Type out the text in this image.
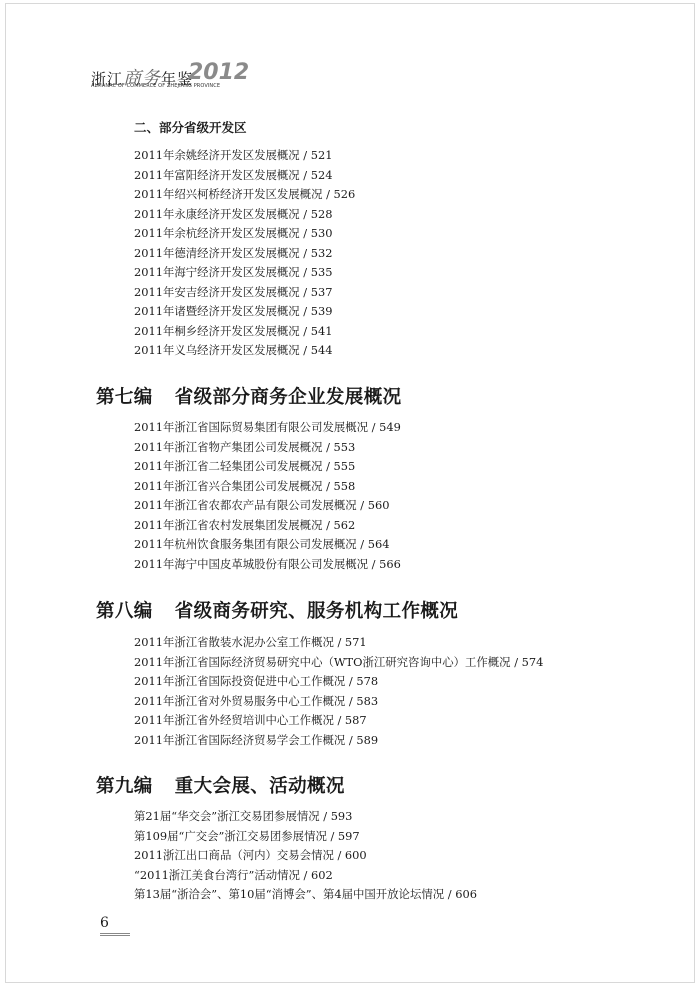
浙江商务年鉴
2012
ALMANAC OF COMMERCE OF ZHEJIANG PROVINCE
二、部分省级开发区
2011年余姚经济开发区发展概况 / 521
2011年富阳经济开发区发展概况 / 524
2011年绍兴柯桥经济开发区发展概况 / 526
2011年永康经济开发区发展概况 / 528
2011年余杭经济开发区发展概况 / 530
2011年德清经济开发区发展概况 / 532
2011年海宁经济开发区发展概况 / 535
2011年安吉经济开发区发展概况 / 537
2011年诸暨经济开发区发展概况 / 539
2011年桐乡经济开发区发展概况 / 541
2011年义乌经济开发区发展概况 / 544
第七编 省级部分商务企业发展概况
2011年浙江省国际贸易集团有限公司发展概况 / 549
2011年浙江省物产集团公司发展概况 / 553
2011年浙江省二轻集团公司发展概况 / 555
2011年浙江省兴合集团公司发展概况 / 558
2011年浙江省农都农产品有限公司发展概况 / 560
2011年浙江省农村发展集团发展概况 / 562
2011年杭州饮食服务集团有限公司发展概况 / 564
2011年海宁中国皮革城股份有限公司发展概况 / 566
第八编 省级商务研究、服务机构工作概况
2011年浙江省散装水泥办公室工作概况 / 571
2011年浙江省国际经济贸易研究中心（WTO浙江研究咨询中心）工作概况 / 574
2011年浙江省国际投资促进中心工作概况 / 578
2011年浙江省对外贸易服务中心工作概况 / 583
2011年浙江省外经贸培训中心工作概况 / 587
2011年浙江省国际经济贸易学会工作概况 / 589
第九编 重大会展、活动概况
第21届“华交会”浙江交易团参展情况 / 593
第109届“广交会”浙江交易团参展情况 / 597
2011浙江出口商品（河内）交易会情况 / 600
“2011浙江美食台湾行”活动情况 / 602
第13届“浙洽会”、第10届“消博会”、第4届中国开放论坛情况 / 606
6
